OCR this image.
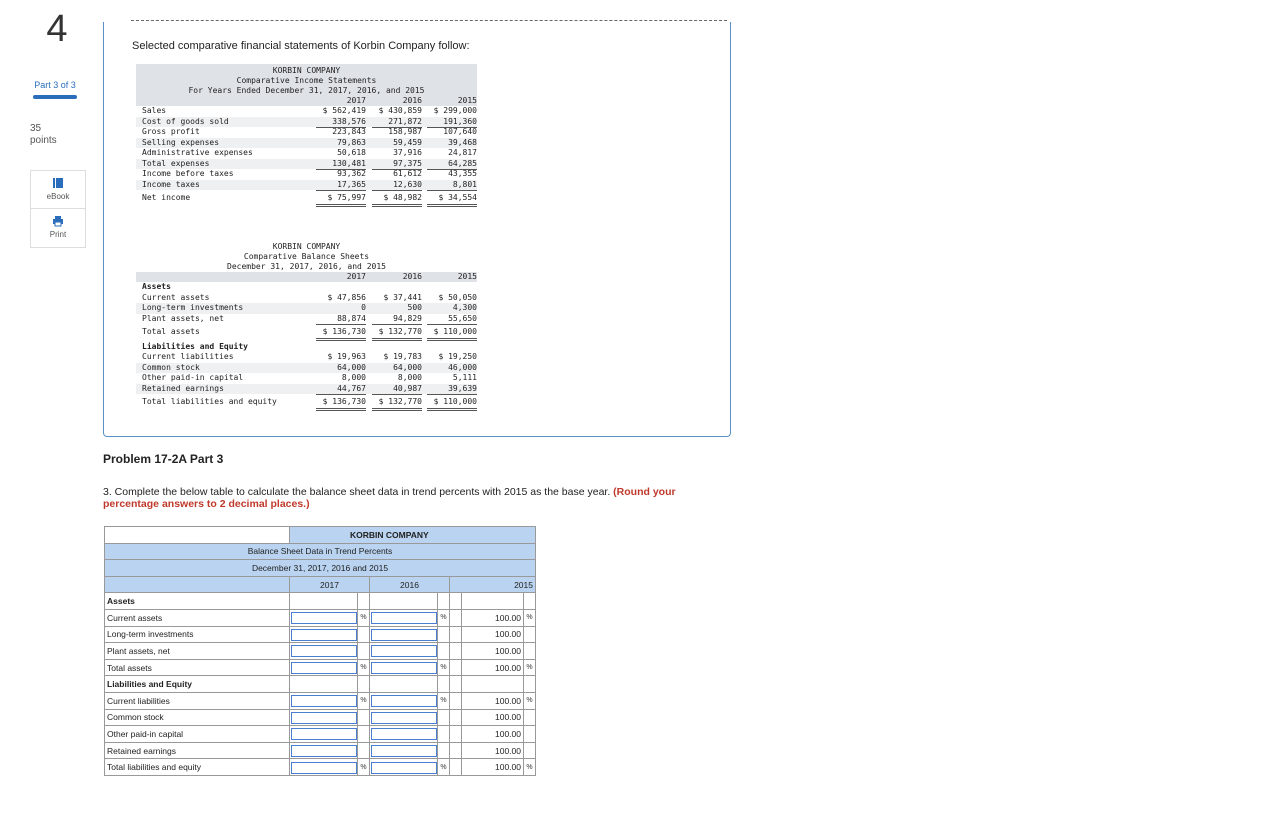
4
Part 3 of 3
35
points
eBook
Print
Selected comparative financial statements of Korbin Company follow:
KORBIN COMPANY
Comparative Income Statements
For Years Ended December 31, 2017, 2016, and 2015
2017	2016	2015
Sales	$ 562,419	$ 430,859	$ 299,000
Cost of goods sold	338,576	271,872	191,360
Gross profit	223,843	158,987	107,640
Selling expenses	79,863	59,459	39,468
Administrative expenses	50,618	37,916	24,817
Total expenses	130,481	97,375	64,285
Income before taxes	93,362	61,612	43,355
Income taxes	17,365	12,630	8,801
Net income	$ 75,997	$ 48,982	$ 34,554
KORBIN COMPANY
Comparative Balance Sheets
December 31, 2017, 2016, and 2015
2017	2016	2015
Assets
Current assets	$ 47,856	$ 37,441	$ 50,050
Long-term investments	0	500	4,300
Plant assets, net	88,874	94,829	55,650
Total assets	$ 136,730	$ 132,770	$ 110,000
Liabilities and Equity
Current liabilities	$ 19,963	$ 19,783	$ 19,250
Common stock	64,000	64,000	46,000
Other paid-in capital	8,000	8,000	5,111
Retained earnings	44,767	40,987	39,639
Total liabilities and equity	$ 136,730	$ 132,770	$ 110,000
Problem 17-2A Part 3
3. Complete the below table to calculate the balance sheet data in trend percents with 2015 as the base year. (Round your percentage answers to 2 decimal places.)
	KORBIN COMPANY						
Balance Sheet Data in Trend Percents							
December 31, 2017, 2016 and 2015							
	2017		2016		2015		
Assets							
Current assets		%		%		100.00	%
Long-term investments						100.00	
Plant assets, net						100.00	
Total assets		%		%		100.00	%
Liabilities and Equity							
Current liabilities		%		%		100.00	%
Common stock						100.00	
Other paid-in capital						100.00	
Retained earnings						100.00	
Total liabilities and equity		%		%		100.00	%
